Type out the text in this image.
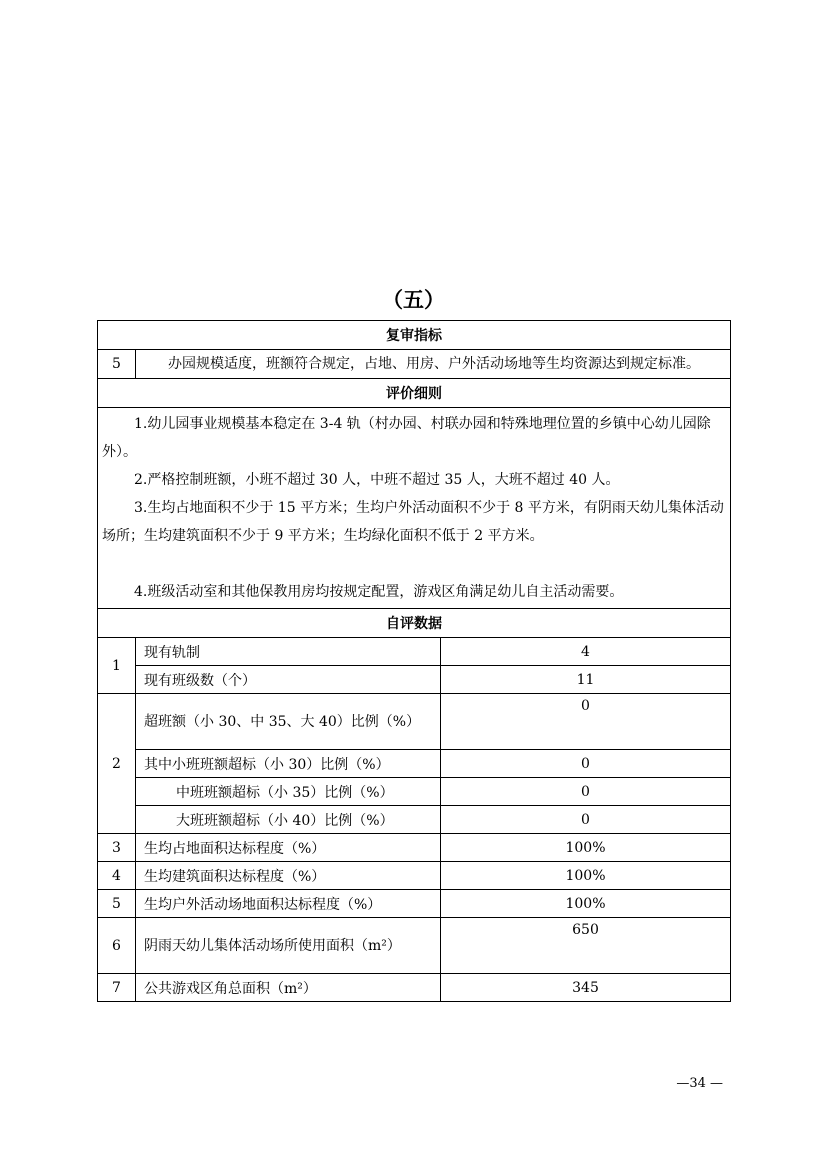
（五）
复审指标		
5	办园规模适度，班额符合规定，占地、用房、户外活动场地等生均资源达到规定标准。	
评价细则		

1.幼儿园事业规模基本稳定在 3-4 轨（村办园、村联办园和特殊地理位置的乡镇中心幼儿园除外）。
2.严格控制班额，小班不超过 30 人，中班不超过 35 人，大班不超过 40 人。
3.生均占地面积不少于 15 平方米；生均户外活动面积不少于 8 平方米，有阴雨天幼儿集体活动场所；生均建筑面积不少于 9 平方米；生均绿化面积不低于 2 平方米。
4.班级活动室和其他保教用房均按规定配置，游戏区角满足幼儿自主活动需要。		

自评数据		
1	现有轨制	4
	现有班级数（个）	11
2	超班额（小 30、中 35、大 40）比例（%）	0
	其中小班班额超标（小 30）比例（%）	0
	中班班额超标（小 35）比例（%）	0
	大班班额超标（小 40）比例（%）	0
3	生均占地面积达标程度（%）	100%
4	生均建筑面积达标程度（%）	100%
5	生均户外活动场地面积达标程度（%）	100%
6	阴雨天幼儿集体活动场所使用面积（m²）	650
7	公共游戏区角总面积（m²）	345
—34 —
